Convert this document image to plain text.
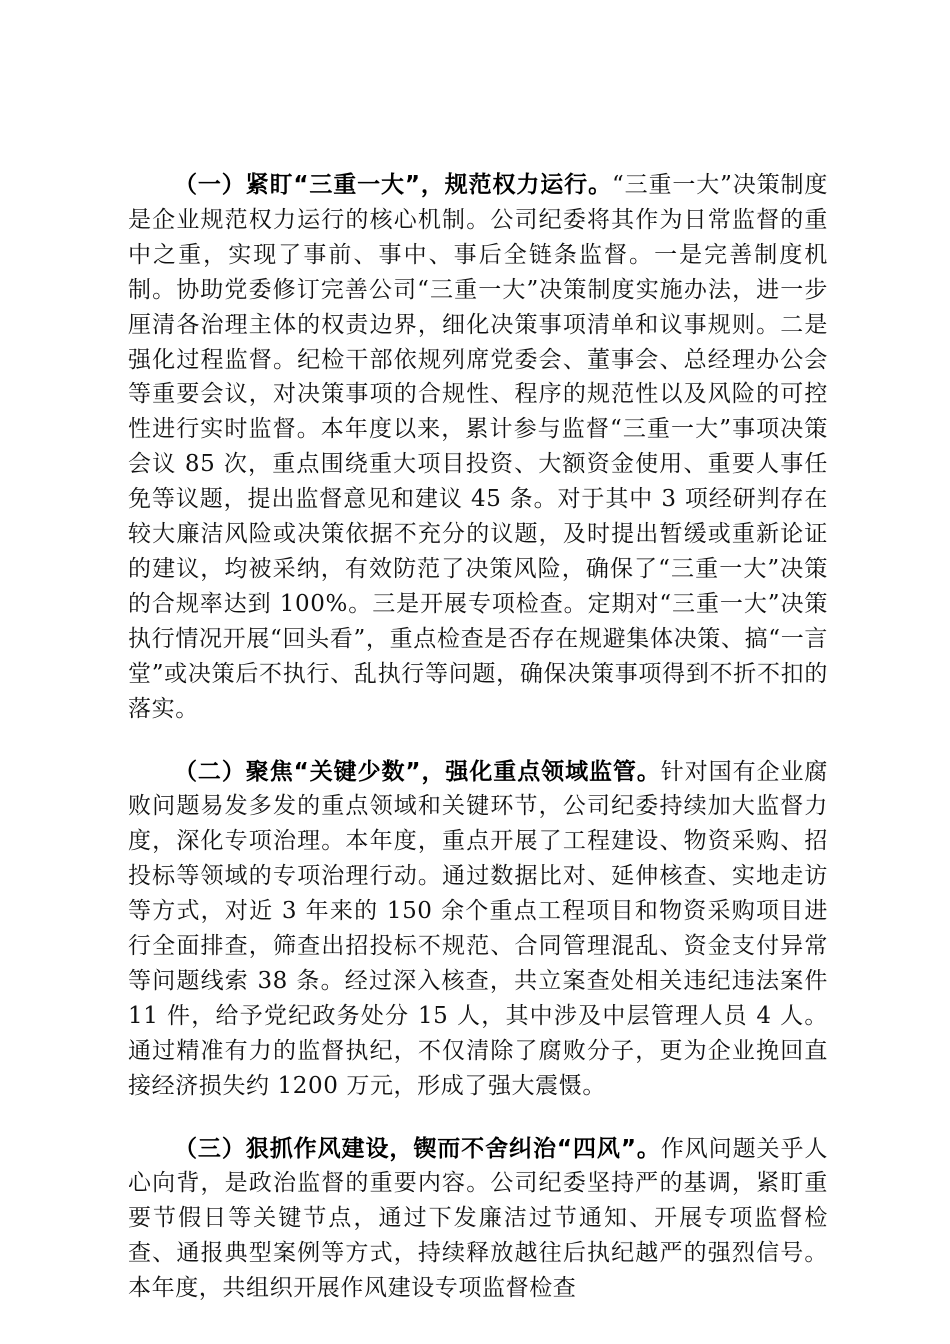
（一）紧盯“三重一大”，规范权力运行。“三重一大”决策制度是企业规范权力运行的核心机制。公司纪委将其作为日常监督的重中之重，实现了事前、事中、事后全链条监督。一是完善制度机制。协助党委修订完善公司“三重一大”决策制度实施办法，进一步厘清各治理主体的权责边界，细化决策事项清单和议事规则。二是强化过程监督。纪检干部依规列席党委会、董事会、总经理办公会等重要会议，对决策事项的合规性、程序的规范性以及风险的可控性进行实时监督。本年度以来，累计参与监督“三重一大”事项决策会议 85 次，重点围绕重大项目投资、大额资金使用、重要人事任免等议题，提出监督意见和建议 45 条。对于其中 3 项经研判存在较大廉洁风险或决策依据不充分的议题，及时提出暂缓或重新论证的建议，均被采纳，有效防范了决策风险，确保了“三重一大”决策的合规率达到 100%。三是开展专项检查。定期对“三重一大”决策执行情况开展“回头看”，重点检查是否存在规避集体决策、搞“一言堂”或决策后不执行、乱执行等问题，确保决策事项得到不折不扣的落实。

（二）聚焦“关键少数”，强化重点领域监管。针对国有企业腐败问题易发多发的重点领域和关键环节，公司纪委持续加大监督力度，深化专项治理。本年度，重点开展了工程建设、物资采购、招投标等领域的专项治理行动。通过数据比对、延伸核查、实地走访等方式，对近 3 年来的 150 余个重点工程项目和物资采购项目进行全面排查，筛查出招投标不规范、合同管理混乱、资金支付异常等问题线索 38 条。经过深入核查，共立案查处相关违纪违法案件 11 件，给予党纪政务处分 15 人，其中涉及中层管理人员 4 人。通过精准有力的监督执纪，不仅清除了腐败分子，更为企业挽回直接经济损失约 1200 万元，形成了强大震慑。

（三）狠抓作风建设，锲而不舍纠治“四风”。作风问题关乎人心向背，是政治监督的重要内容。公司纪委坚持严的基调，紧盯重要节假日等关键节点，通过下发廉洁过节通知、开展专项监督检查、通报典型案例等方式，持续释放越往后执纪越严的强烈信号。本年度，共组织开展作风建设专项监督检查
